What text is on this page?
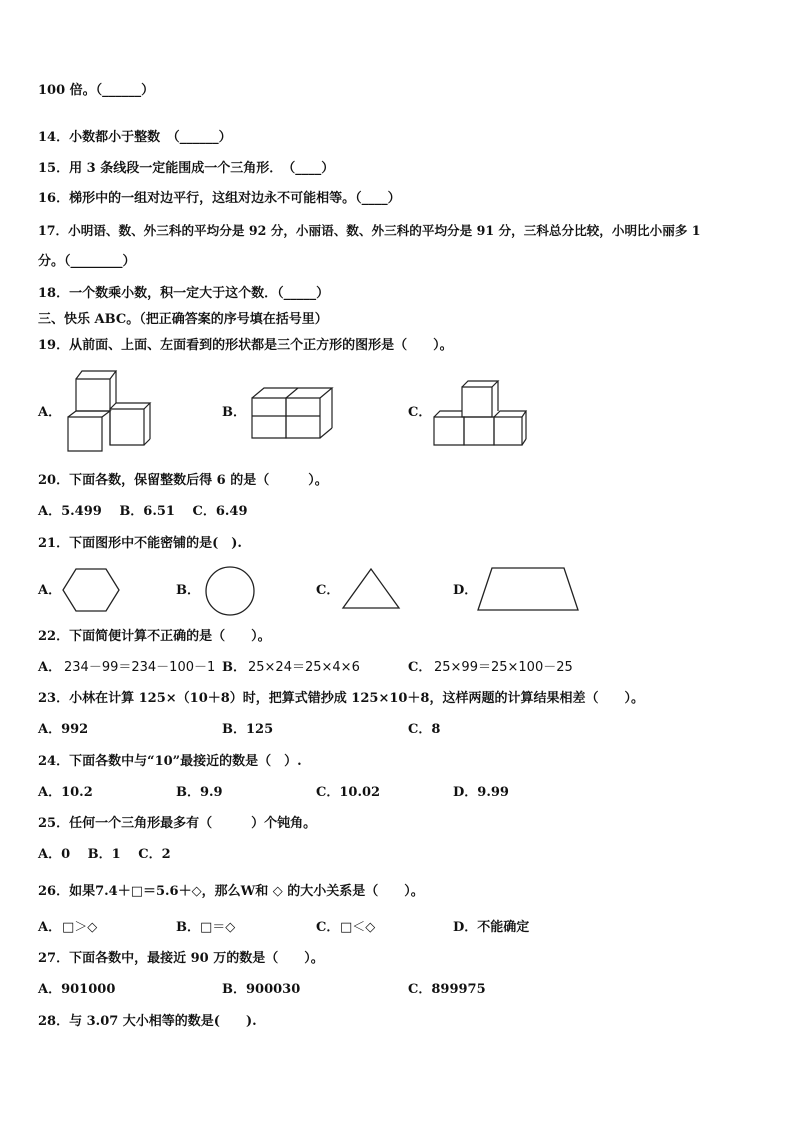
100 倍。（______）
14．小数都小于整数　（______）
15．用 3 条线段一定能围成一个三角形．　（____）
16．梯形中的一组对边平行，这组对边永不可能相等。（____）
17．小明语、数、外三科的平均分是 92 分，小丽语、数、外三科的平均分是 91 分，三科总分比较，小明比小丽多 1
分。（________）
18．一个数乘小数，积一定大于这个数．（_____）
三、快乐 ABC。（把正确答案的序号填在括号里）
19．从前面、上面、左面看到的形状都是三个正方形的图形是（　　）。
A．	B．	C．
20．下面各数，保留整数后得 6 的是（　　　）。
A．5.499　 B．6.51　 C．6.49
21．下面图形中不能密铺的是(　).
A．	B．	C．	D．
22．下面简便计算不正确的是（　　）。
A． 234－99＝234－100－1 B． 25×24＝25×4×6	C． 25×99＝25×100－25
23．小林在计算 125×（10＋8）时，把算式错抄成 125×10＋8，这样两题的计算结果相差（　　）。
A．992	B．125	C．8
24．下面各数中与“10”最接近的数是（　）.
A．10.2	B．9.9	C．10.02	D．9.99
25．任何一个三角形最多有（　　　）个钝角。
A．0　 B．1　 C．2
26．如果7.4＋□＝5.6＋◇，那么W和 ◇ 的大小关系是（　　）。
A． □＞◇	B． □＝◇	C． □＜◇	D．不能确定
27．下面各数中，最接近 90 万的数是（　　）。
A．901000	B．900030	C．899975
28．与 3.07 大小相等的数是(　　).
